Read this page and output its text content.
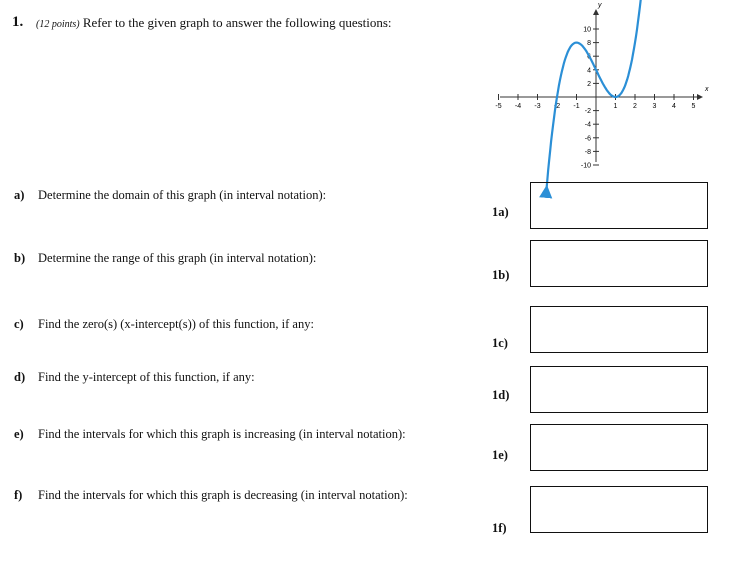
1. (12 points) Refer to the given graph to answer the following questions:
x
y
-5 -4 -3 -2 -1	1 2 3 4 5
10
8
6
4
2
-2
-4
-6
-8
-10
a) Determine the domain of this graph (in interval notation):
1a)
b) Determine the range of this graph (in interval notation):
1b)
c) Find the zero(s) (x-intercept(s)) of this function, if any:
1c)
d) Find the y-intercept of this function, if any:
1d)
e) Find the intervals for which this graph is increasing (in interval notation):
1e)
f) Find the intervals for which this graph is decreasing (in interval notation):
1f)
